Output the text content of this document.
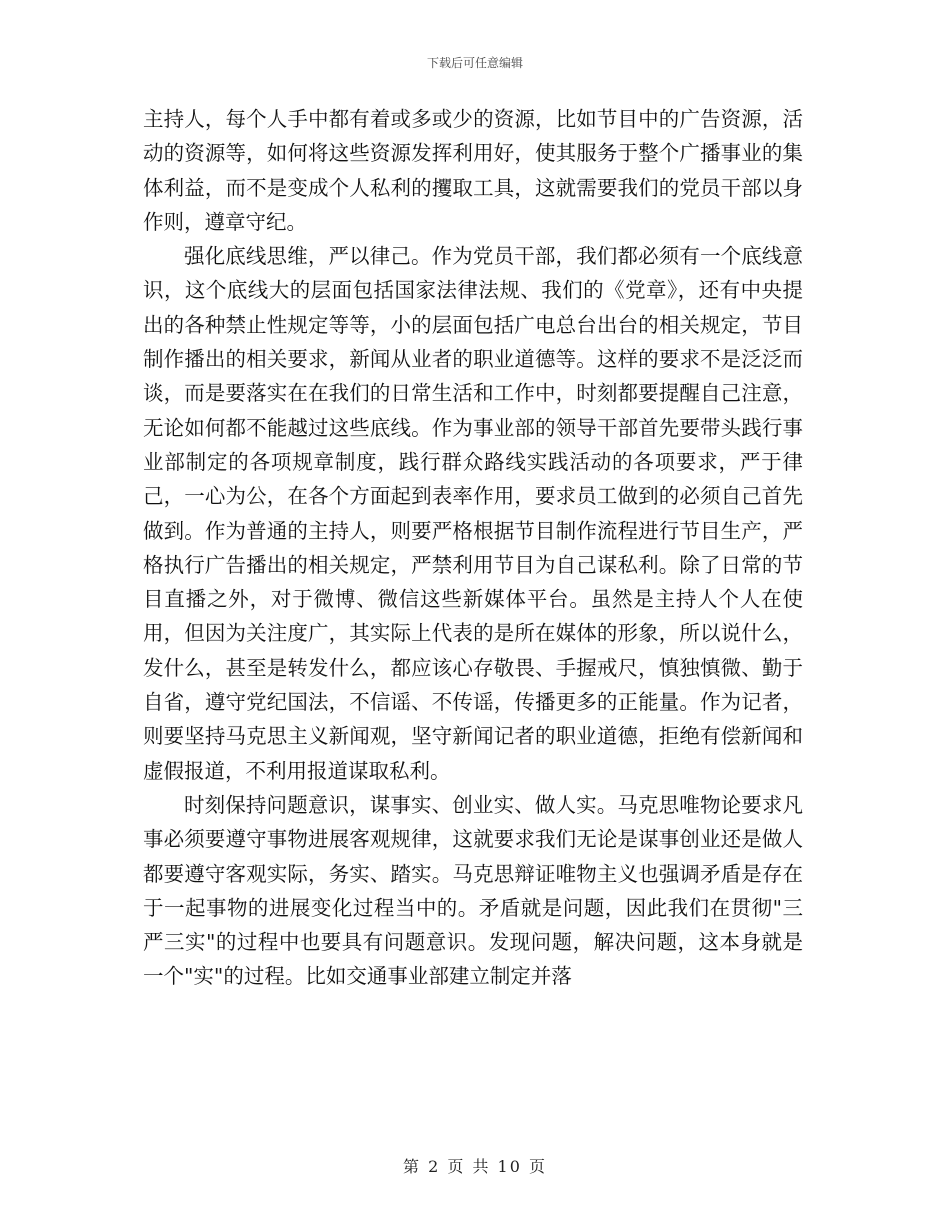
下载后可任意编辑

主持人，每个人手中都有着或多或少的资源，比如节目中的广告资源，活动的资源等，如何将这些资源发挥利用好，使其服务于整个广播事业的集体利益，而不是变成个人私利的攫取工具，这就需要我们的党员干部以身作则，遵章守纪。

强化底线思维，严以律己。作为党员干部，我们都必须有一个底线意识，这个底线大的层面包括国家法律法规、我们的《党章》，还有中央提出的各种禁止性规定等等，小的层面包括广电总台出台的相关规定，节目制作播出的相关要求，新闻从业者的职业道德等。这样的要求不是泛泛而谈，而是要落实在在我们的日常生活和工作中，时刻都要提醒自己注意，无论如何都不能越过这些底线。作为事业部的领导干部首先要带头践行事业部制定的各项规章制度，践行群众路线实践活动的各项要求，严于律己，一心为公，在各个方面起到表率作用，要求员工做到的必须自己首先做到。作为普通的主持人，则要严格根据节目制作流程进行节目生产，严格执行广告播出的相关规定，严禁利用节目为自己谋私利。除了日常的节目直播之外，对于微博、微信这些新媒体平台。虽然是主持人个人在使用，但因为关注度广，其实际上代表的是所在媒体的形象，所以说什么，发什么，甚至是转发什么，都应该心存敬畏、手握戒尺，慎独慎微、勤于自省，遵守党纪国法，不信谣、不传谣，传播更多的正能量。作为记者，则要坚持马克思主义新闻观，坚守新闻记者的职业道德，拒绝有偿新闻和虚假报道，不利用报道谋取私利。

时刻保持问题意识，谋事实、创业实、做人实。马克思唯物论要求凡事必须要遵守事物进展客观规律，这就要求我们无论是谋事创业还是做人都要遵守客观实际，务实、踏实。马克思辩证唯物主义也强调矛盾是存在于一起事物的进展变化过程当中的。矛盾就是问题，因此我们在贯彻"三严三实"的过程中也要具有问题意识。发现问题，解决问题，这本身就是一个"实"的过程。比如交通事业部建立制定并落

第 2 页 共 10 页
